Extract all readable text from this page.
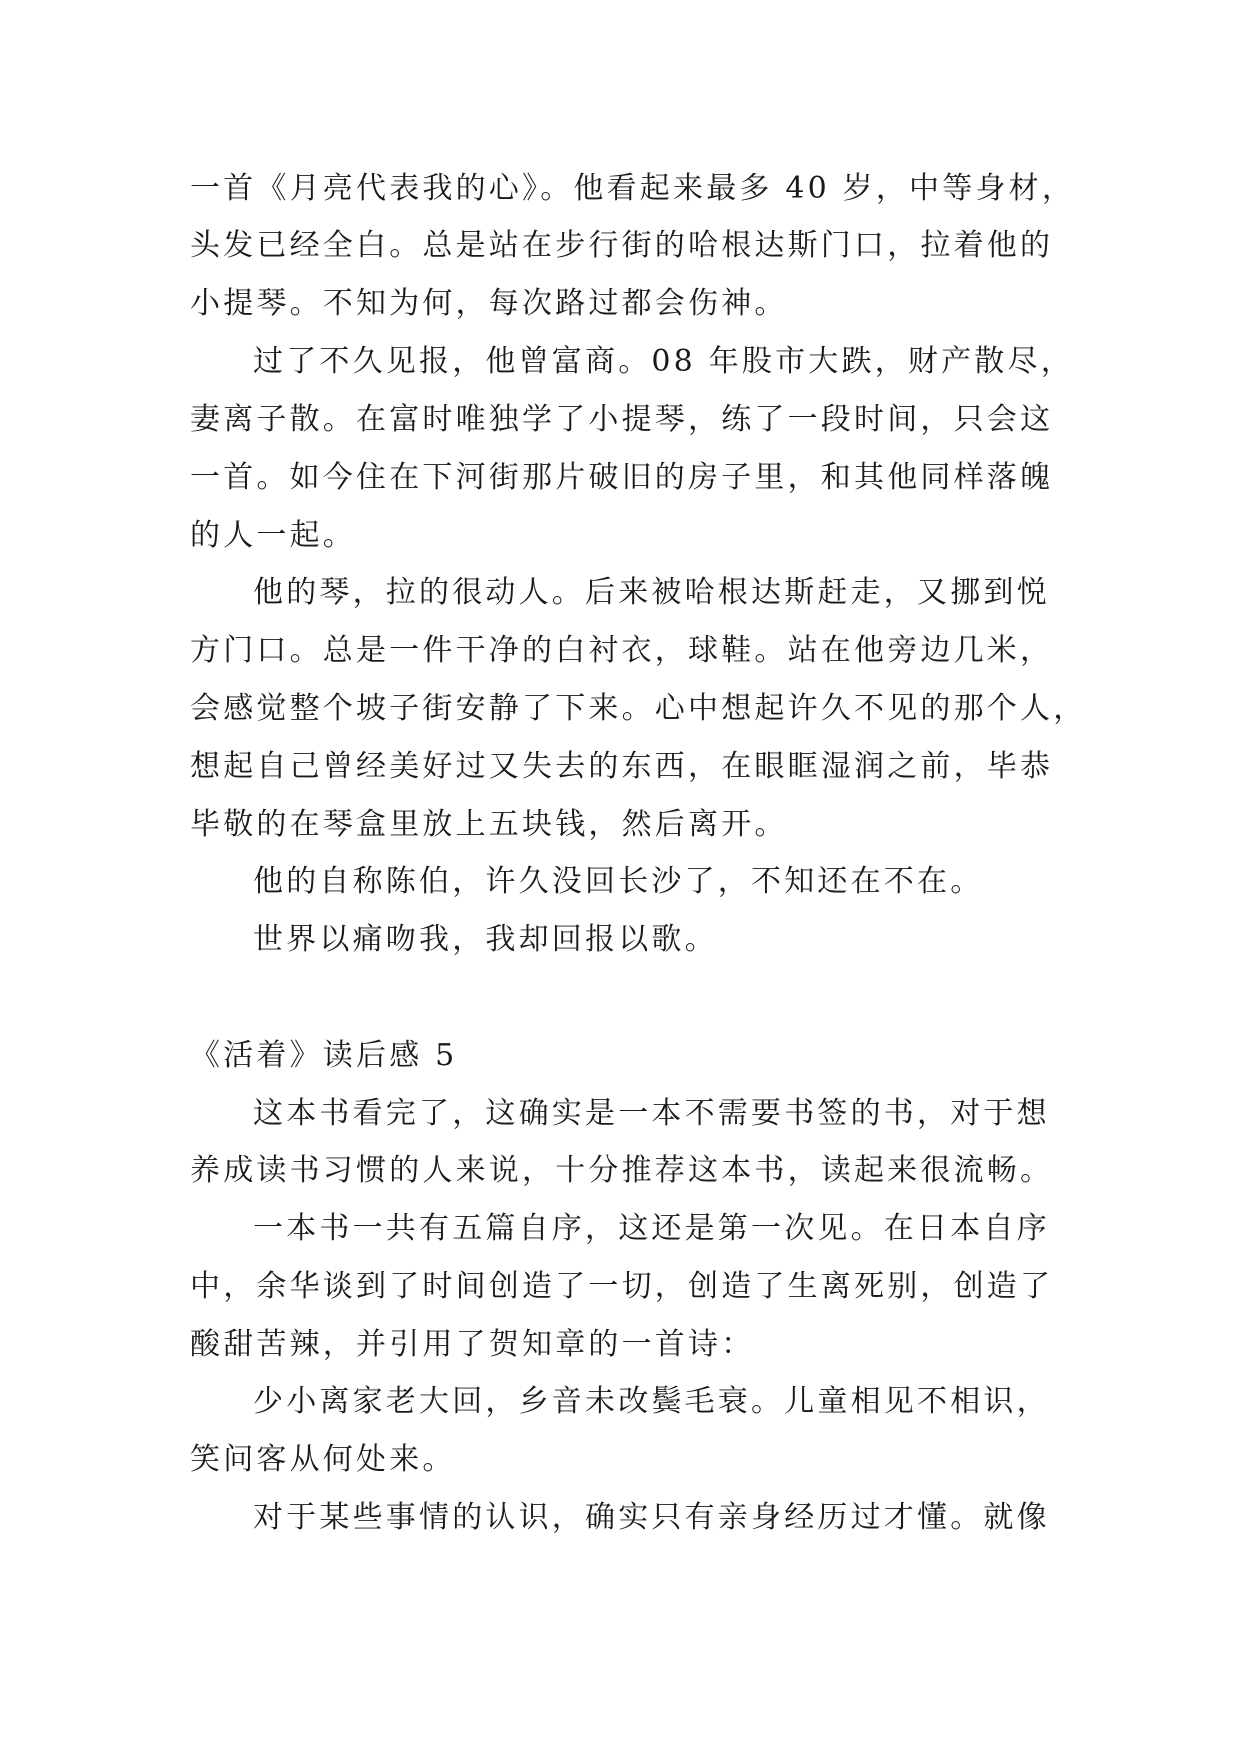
一首《月亮代表我的心》。他看起来最多 40 岁，中等身材，
头发已经全白。总是站在步行街的哈根达斯门口，拉着他的
小提琴。不知为何，每次路过都会伤神。
过了不久见报，他曾富商。08 年股市大跌，财产散尽，
妻离子散。在富时唯独学了小提琴，练了一段时间，只会这
一首。如今住在下河街那片破旧的房子里，和其他同样落魄
的人一起。
他的琴，拉的很动人。后来被哈根达斯赶走，又挪到悦
方门口。总是一件干净的白衬衣，球鞋。站在他旁边几米，
会感觉整个坡子街安静了下来。心中想起许久不见的那个人，
想起自己曾经美好过又失去的东西，在眼眶湿润之前，毕恭
毕敬的在琴盒里放上五块钱，然后离开。
他的自称陈伯，许久没回长沙了，不知还在不在。
世界以痛吻我，我却回报以歌。
《活着》读后感 5
这本书看完了，这确实是一本不需要书签的书，对于想
养成读书习惯的人来说，十分推荐这本书，读起来很流畅。
一本书一共有五篇自序，这还是第一次见。在日本自序
中，余华谈到了时间创造了一切，创造了生离死别，创造了
酸甜苦辣，并引用了贺知章的一首诗：
少小离家老大回，乡音未改鬓毛衰。儿童相见不相识，
笑问客从何处来。
对于某些事情的认识，确实只有亲身经历过才懂。就像
